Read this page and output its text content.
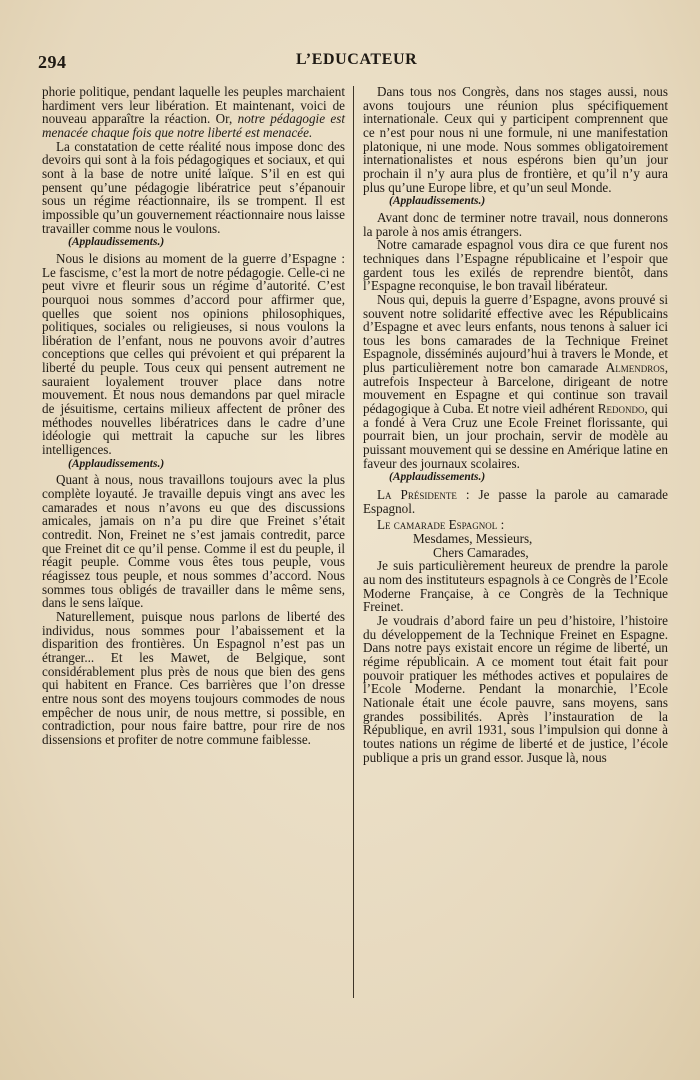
294	L’EDUCATEUR

phorie politique, pendant laquelle les peuples marchaient hardiment vers leur libération. Et maintenant, voici de nouveau apparaître la réaction. Or, notre pédagogie est menacée chaque fois que notre liberté est menacée.

La constatation de cette réalité nous impose donc des devoirs qui sont à la fois pédagogiques et sociaux, et qui sont à la base de notre unité laïque. S’il en est qui pensent qu’une pédagogie libératrice peut s’épanouir sous un régime réactionnaire, ils se trompent. Il est impossible qu’un gouvernement réactionnaire nous laisse travailler comme nous le voulons.

(Applaudissements.)

Nous le disions au moment de la guerre d’Espagne : Le fascisme, c’est la mort de notre pédagogie. Celle-ci ne peut vivre et fleurir sous un régime d’autorité. C’est pourquoi nous sommes d’accord pour affirmer que, quelles que soient nos opinions philosophiques, politiques, sociales ou religieuses, si nous voulons la libération de l’enfant, nous ne pouvons avoir d’autres conceptions que celles qui prévoient et qui préparent la liberté du peuple. Tous ceux qui pensent autrement ne sauraient loyalement trouver place dans notre mouvement. Et nous nous demandons par quel miracle de jésuitisme, certains milieux affectent de prôner des méthodes nouvelles libératrices dans le cadre d’une idéologie qui mettrait la capuche sur les libres intelligences.

(Applaudissements.)

Quant à nous, nous travaillons toujours avec la plus complète loyauté. Je travaille depuis vingt ans avec les camarades et nous n’avons eu que des discussions amicales, jamais on n’a pu dire que Freinet s’était contredit. Non, Freinet ne s’est jamais contredit, parce que Freinet dit ce qu’il pense. Comme il est du peuple, il réagit peuple. Comme vous êtes tous peuple, vous réagissez tous peuple, et nous sommes d’accord. Nous sommes tous obligés de travailler dans le même sens, dans le sens laïque.

Naturellement, puisque nous parlons de liberté des individus, nous sommes pour l’abaissement et la disparition des frontières. Un Espagnol n’est pas un étranger... Et les Mawet, de Belgique, sont considérablement plus près de nous que bien des gens qui habitent en France. Ces barrières que l’on dresse entre nous sont des moyens toujours commodes de nous empêcher de nous unir, de nous mettre, si possible, en contradiction, pour nous faire battre, pour rire de nos dissensions et profiter de notre commune faiblesse.

Dans tous nos Congrès, dans nos stages aussi, nous avons toujours une réunion plus spécifiquement internationale. Ceux qui y participent comprennent que ce n’est pour nous ni une formule, ni une manifestation platonique, ni une mode. Nous sommes obligatoirement internationalistes et nous espérons bien qu’un jour prochain il n’y aura plus de frontière, et qu’il n’y aura plus qu’une Europe libre, et qu’un seul Monde.

(Applaudissements.)

Avant donc de terminer notre travail, nous donnerons la parole à nos amis étrangers.

Notre camarade espagnol vous dira ce que furent nos techniques dans l’Espagne républicaine et l’espoir que gardent tous les exilés de reprendre bientôt, dans l’Espagne reconquise, le bon travail libérateur.

Nous qui, depuis la guerre d’Espagne, avons prouvé si souvent notre solidarité effective avec les Républicains d’Espagne et avec leurs enfants, nous tenons à saluer ici tous les bons camarades de la Technique Freinet Espagnole, disséminés aujourd’hui à travers le Monde, et plus particulièrement notre bon camarade Almendros, autrefois Inspecteur à Barcelone, dirigeant de notre mouvement en Espagne et qui continue son travail pédagogique à Cuba. Et notre vieil adhérent Redondo, qui a fondé à Vera Cruz une Ecole Freinet florissante, qui pourrait bien, un jour prochain, servir de modèle au puissant mouvement qui se dessine en Amérique latine en faveur des journaux scolaires.

(Applaudissements.)

La Présidente : Je passe la parole au camarade Espagnol.

Le camarade Espagnol :

Mesdames, Messieurs,

Chers Camarades,

Je suis particulièrement heureux de prendre la parole au nom des instituteurs espagnols à ce Congrès de l’Ecole Moderne Française, à ce Congrès de la Technique Freinet.

Je voudrais d’abord faire un peu d’histoire, l’histoire du développement de la Technique Freinet en Espagne. Dans notre pays existait encore un régime de liberté, un régime républicain. A ce moment tout était fait pour pouvoir pratiquer les méthodes actives et populaires de l’Ecole Moderne. Pendant la monarchie, l’Ecole Nationale était une école pauvre, sans moyens, sans grandes possibilités. Après l’instauration de la République, en avril 1931, sous l’impulsion qui donne à toutes nations un régime de liberté et de justice, l’école publique a pris un grand essor. Jusque là, nous
